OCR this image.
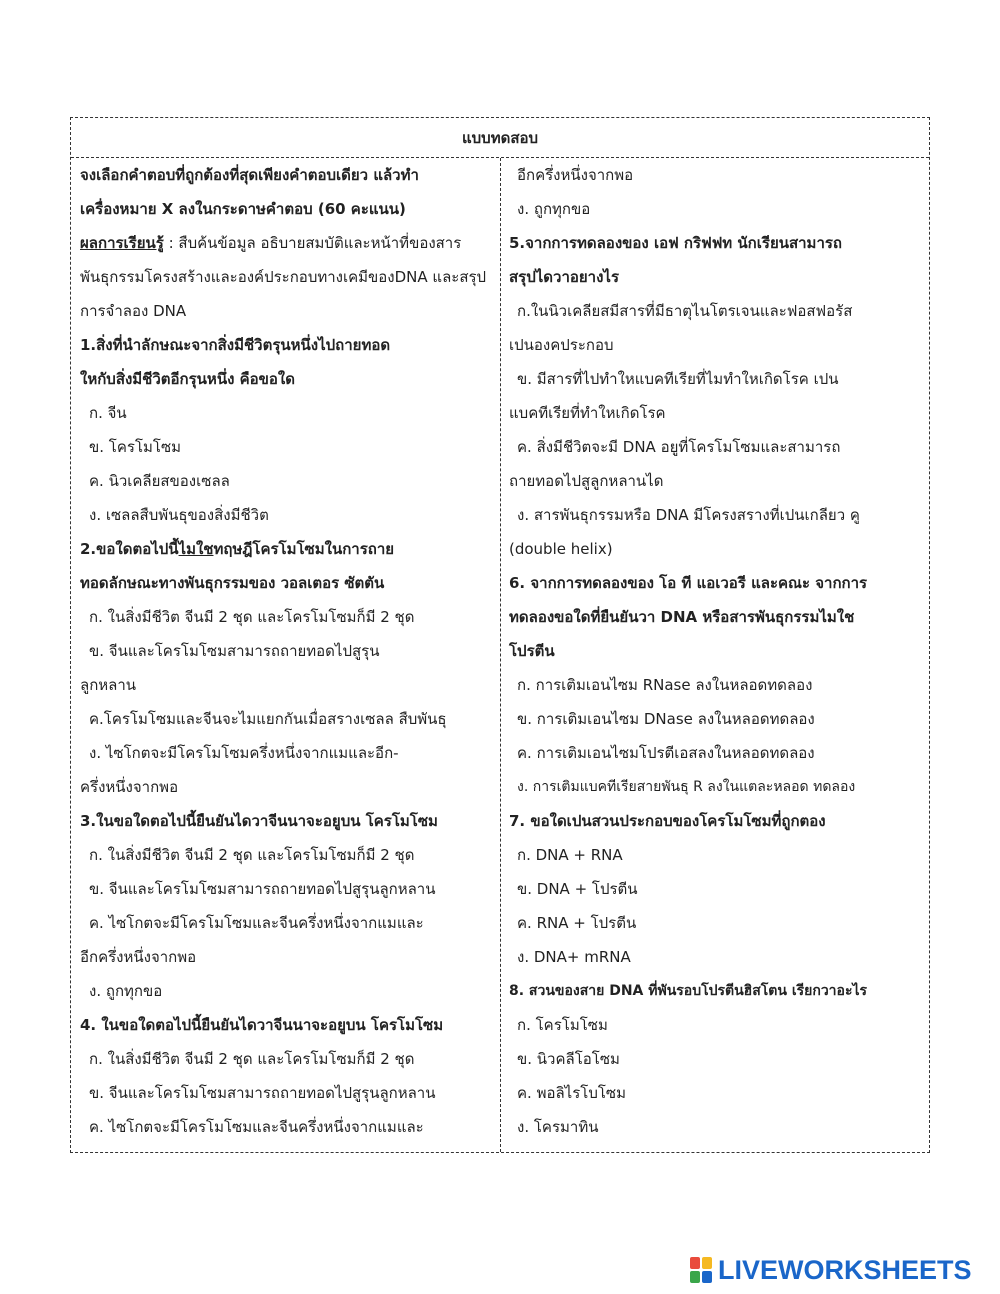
แบบทดสอบ
จงเลือกคำตอบที่ถูกต้องที่สุดเพียงคำตอบเดียว แล้วทำ
เครื่องหมาย X ลงในกระดาษคำตอบ (60 คะแนน)
ผลการเรียนรู้ : สืบค้นข้อมูล อธิบายสมบัติและหน้าที่ของสาร
พันธุกรรมโครงสร้างและองค์ประกอบทางเคมีของDNA และสรุป
การจำลอง DNA
1.สิ่งที่นำลักษณะจากสิ่งมีชีวิตรุนหนึ่งไปถายทอด
ใหกับสิ่งมีชีวิตอีกรุนหนึ่ง คือขอใด
ก. จีน
ข. โครโมโซม
ค. นิวเคลียสของเซลล
ง. เซลลสืบพันธุของสิ่งมีชีวิต
2.ขอใดตอไปนี้ไมใชทฤษฎีโครโมโซมในการถาย
ทอดลักษณะทางพันธุกรรมของ วอลเตอร ซัตตัน
ก. ในสิ่งมีชีวิต จีนมี 2 ชุด และโครโมโซมก็มี 2 ชุด
ข. จีนและโครโมโซมสามารถถายทอดไปสูรุน
ลูกหลาน
ค.โครโมโซมและจีนจะไมแยกกันเมื่อสรางเซลล สืบพันธุ
ง. ไซโกตจะมีโครโมโซมครึ่งหนึ่งจากแมและอีก-
ครึ่งหนึ่งจากพอ
3.ในขอใดตอไปนี้ยืนยันไดวาจีนนาจะอยูบน โครโมโซม
ก. ในสิ่งมีชีวิต จีนมี 2 ชุด และโครโมโซมก็มี 2 ชุด
ข. จีนและโครโมโซมสามารถถายทอดไปสูรุนลูกหลาน
ค. ไซโกตจะมีโครโมโซมและจีนครึ่งหนึ่งจากแมและ
อีกครึ่งหนึ่งจากพอ
ง. ถูกทุกขอ
4. ในขอใดตอไปนี้ยืนยันไดวาจีนนาจะอยูบน โครโมโซม
ก. ในสิ่งมีชีวิต จีนมี 2 ชุด และโครโมโซมก็มี 2 ชุด
ข. จีนและโครโมโซมสามารถถายทอดไปสูรุนลูกหลาน
ค. ไซโกตจะมีโครโมโซมและจีนครึ่งหนึ่งจากแมและ
อีกครึ่งหนึ่งจากพอ
ง. ถูกทุกขอ
5.จากการทดลองของ เอฟ กริฟฟท นักเรียนสามารถ
สรุปไดวาอยางไร
ก.ในนิวเคลียสมีสารที่มีธาตุไนโตรเจนและฟอสฟอรัส
เปนองคประกอบ
ข. มีสารที่ไปทำใหแบคทีเรียที่ไมทำใหเกิดโรค เปน
แบคทีเรียที่ทำใหเกิดโรค
ค. สิ่งมีชีวิตจะมี DNA อยูที่โครโมโซมและสามารถ
ถายทอดไปสูลูกหลานได
ง. สารพันธุกรรมหรือ DNA มีโครงสรางที่เปนเกลียว คู
(double helix)
6. จากการทดลองของ โอ ที แอเวอรี และคณะ จากการ
ทดลองขอใดที่ยืนยันวา DNA หรือสารพันธุกรรมไมใช
โปรตีน
ก. การเติมเอนไซม RNase ลงในหลอดทดลอง
ข. การเติมเอนไซม DNase ลงในหลอดทดลอง
ค. การเติมเอนไซมโปรตีเอสลงในหลอดทดลอง
ง. การเติมแบคทีเรียสายพันธุ R ลงในแตละหลอด ทดลอง
7. ขอใดเปนสวนประกอบของโครโมโซมที่ถูกตอง
ก. DNA + RNA
ข. DNA + โปรตีน
ค. RNA + โปรตีน
ง. DNA+ mRNA
8. สวนของสาย DNA ที่พันรอบโปรตีนฮิสโตน เรียกวาอะไร
ก. โครโมโซม
ข. นิวคลีโอโซม
ค. พอลิไรโบโซม
ง. โครมาทิน
LIVEWORKSHEETS
